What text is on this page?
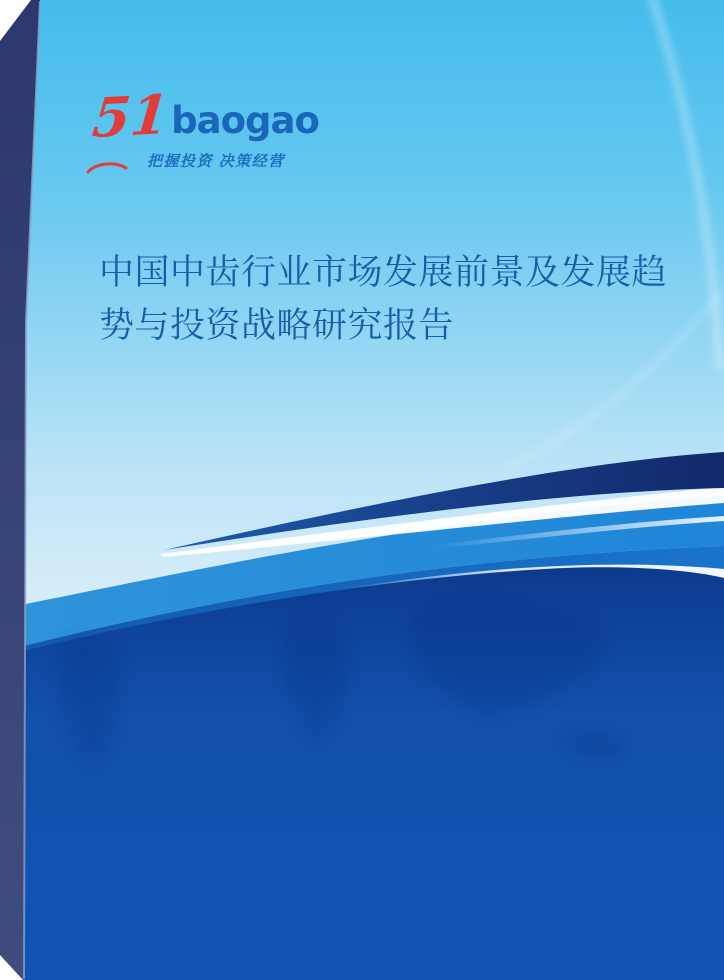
51 baogao
把握投资 决策经营
中国中齿行业市场发展前景及发展趋势与投资战略研究报告
